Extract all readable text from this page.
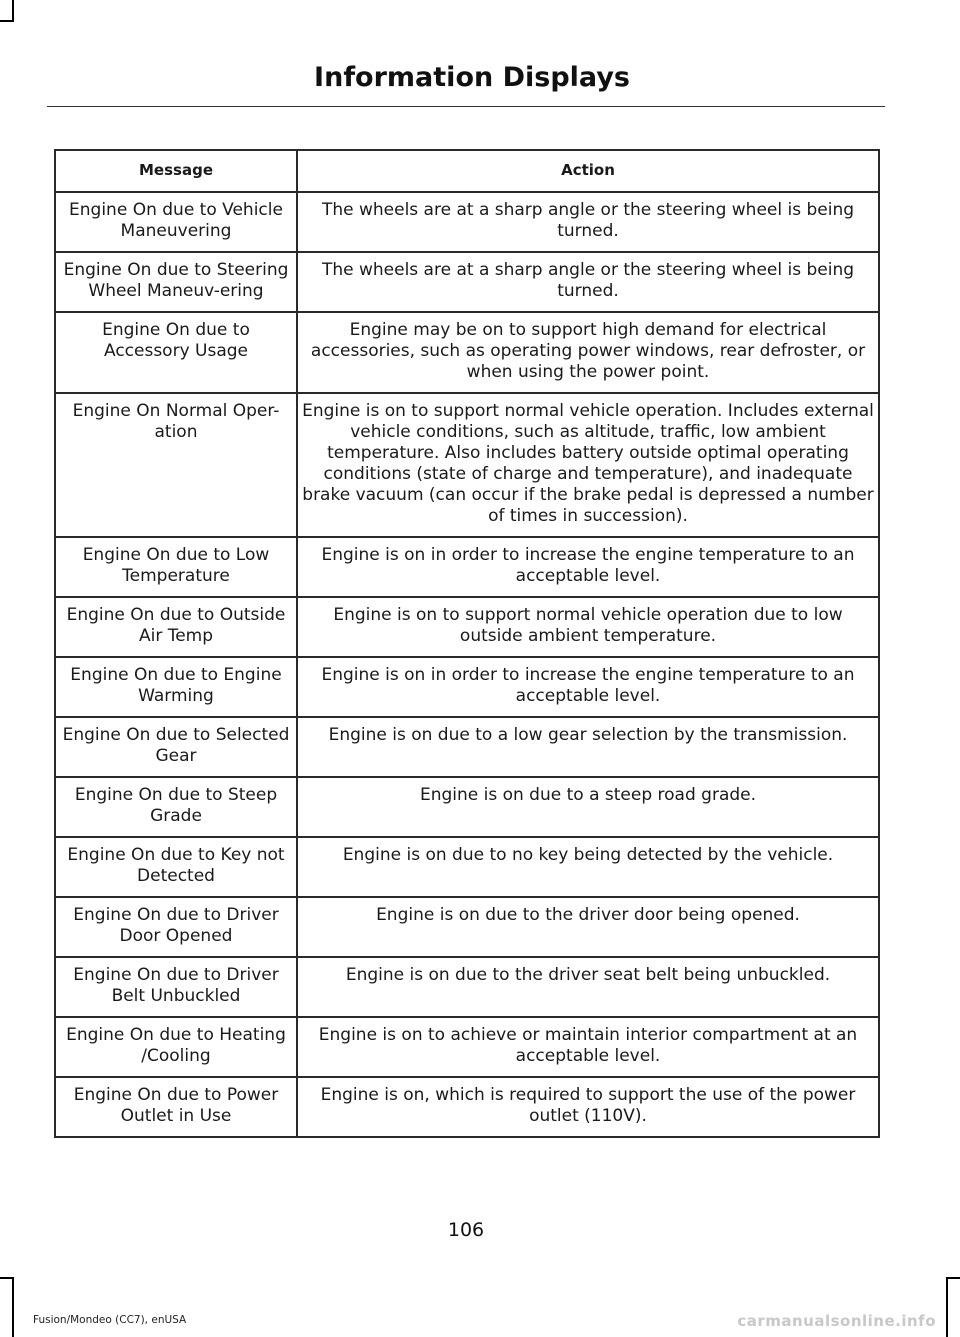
Information Displays
Message	Action
Engine On due to Vehicle Maneuvering	The wheels are at a sharp angle or the steering wheel is being turned.
Engine On due to Steering Wheel Maneuv-ering	The wheels are at a sharp angle or the steering wheel is being turned.
Engine On due to Accessory Usage	Engine may be on to support high demand for electrical accessories, such as operating power windows, rear defroster, or when using the power point.
Engine On Normal Oper-ation	Engine is on to support normal vehicle operation. Includes external vehicle conditions, such as altitude, traffic, low ambient temperature. Also includes battery outside optimal operating conditions (state of charge and temperature), and inadequate brake vacuum (can occur if the brake pedal is depressed a number of times in succession).
Engine On due to Low Temperature	Engine is on in order to increase the engine temperature to an acceptable level.
Engine On due to Outside Air Temp	Engine is on to support normal vehicle operation due to low outside ambient temperature.
Engine On due to Engine Warming	Engine is on in order to increase the engine temperature to an acceptable level.
Engine On due to Selected Gear	Engine is on due to a low gear selection by the transmission.
Engine On due to Steep Grade	Engine is on due to a steep road grade.
Engine On due to Key not Detected	Engine is on due to no key being detected by the vehicle.
Engine On due to Driver Door Opened	Engine is on due to the driver door being opened.
Engine On due to Driver Belt Unbuckled	Engine is on due to the driver seat belt being unbuckled.
Engine On due to Heating /Cooling	Engine is on to achieve or maintain interior compartment at an acceptable level.
Engine On due to Power Outlet in Use	Engine is on, which is required to support the use of the power outlet (110V).
106
Fusion/Mondeo (CC7), enUSA	carmanualsonline.info
